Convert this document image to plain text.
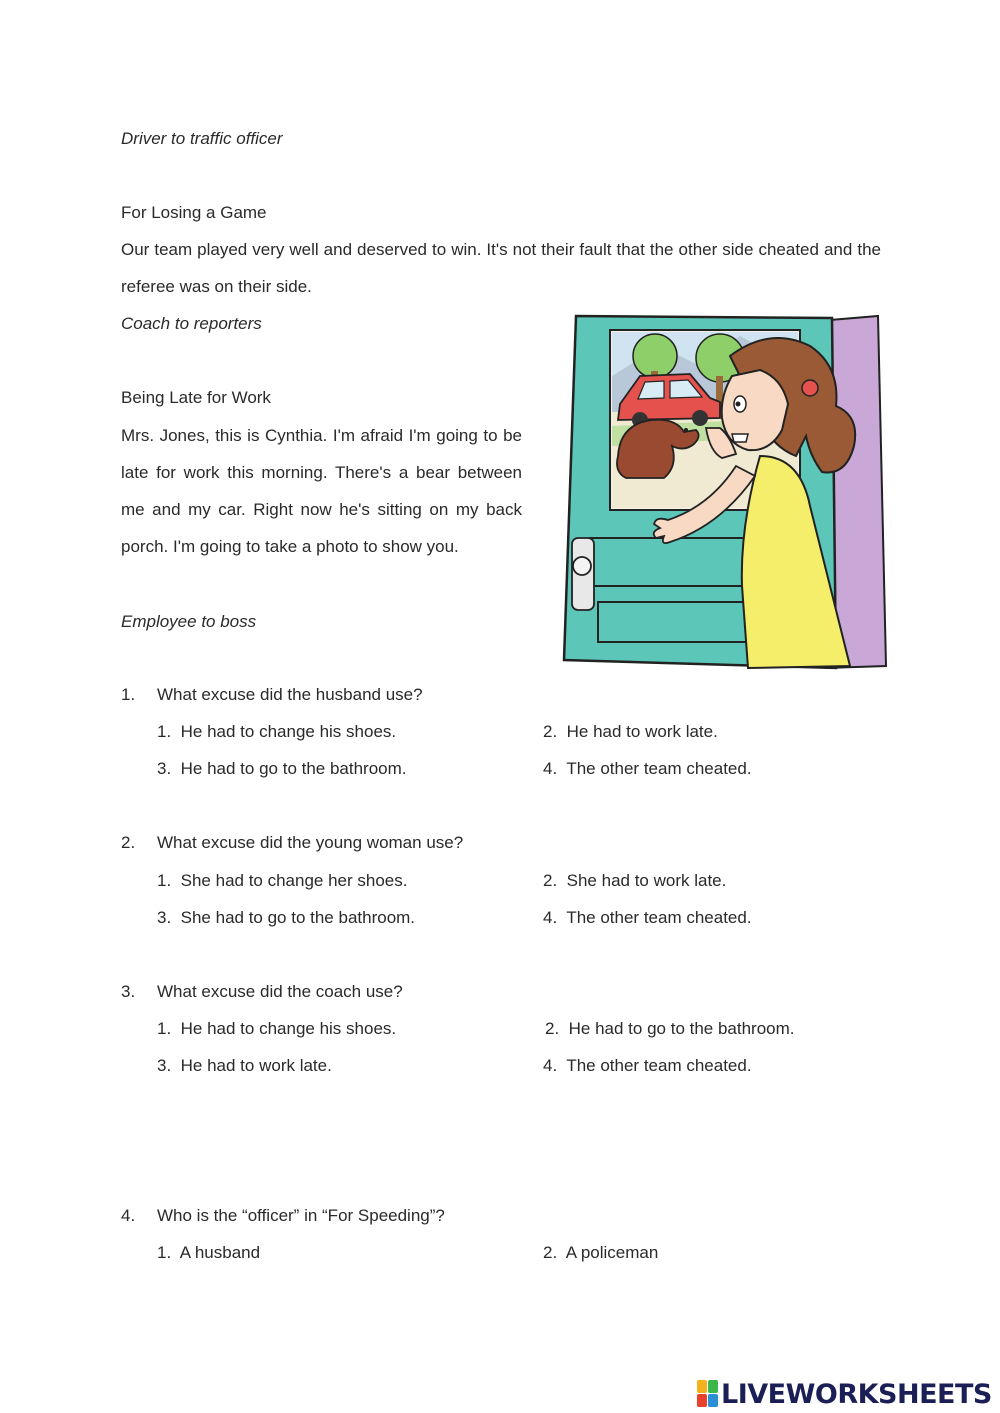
Driver to traffic officer
For Losing a Game
Our team played very well and deserved to win. It's not their fault that the other side cheated and the referee was on their side.
Coach to reporters
Being Late for Work
Mrs. Jones, this is Cynthia. I'm afraid I'm going to be late for work this morning. There's a bear between me and my car. Right now he's sitting on my back porch. I'm going to take a photo to show you.
Employee to boss
1. What excuse did the husband use?
1. He had to change his shoes.	2. He had to work late.
3. He had to go to the bathroom.	4. The other team cheated.
2. What excuse did the young woman use?
1. She had to change her shoes.	2. She had to work late.
3. She had to go to the bathroom.	4. The other team cheated.
3. What excuse did the coach use?
1. He had to change his shoes.	2. He had to go to the bathroom.
3. He had to work late.	4. The other team cheated.
4. Who is the “officer” in “For Speeding”?
1. A husband	2. A policeman
LIVEWORKSHEETS
